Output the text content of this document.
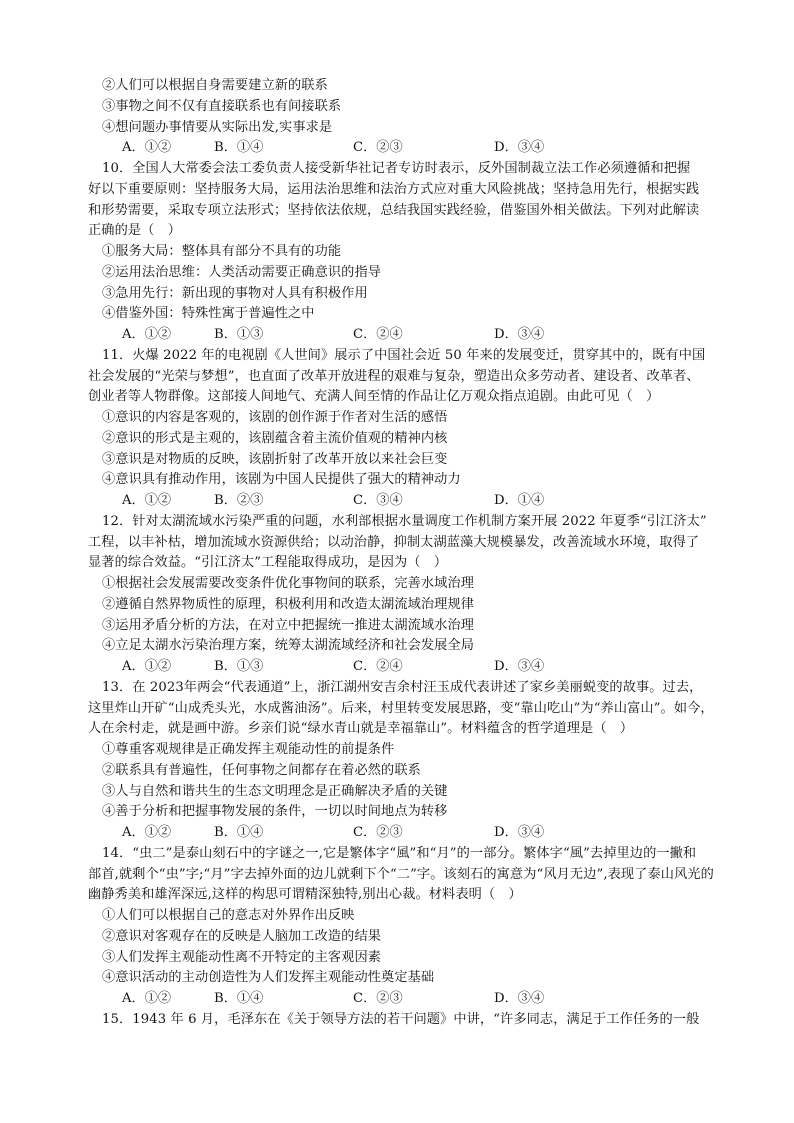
②人们可以根据自身需要建立新的联系
③事物之间不仅有直接联系也有间接联系
④想问题办事情要从实际出发,实事求是
A．①②	B．①④	C．②③	D．③④
10．全国人大常委会法工委负责人接受新华社记者专访时表示，反外国制裁立法工作必须遵循和把握
好以下重要原则：坚持服务大局，运用法治思维和法治方式应对重大风险挑战；坚持急用先行，根据实践
和形势需要，采取专项立法形式；坚持依法依规，总结我国实践经验，借鉴国外相关做法。下列对此解读
正确的是（　）
①服务大局：整体具有部分不具有的功能
②运用法治思维：人类活动需要正确意识的指导
③急用先行：新出现的事物对人具有积极作用
④借鉴外国：特殊性寓于普遍性之中
A．①②	B．①③	C．②④	D．③④
11．火爆 2022 年的电视剧《人世间》展示了中国社会近 50 年来的发展变迁，贯穿其中的，既有中国
社会发展的“光荣与梦想”，也直面了改革开放进程的艰难与复杂，塑造出众多劳动者、建设者、改革者、
创业者等人物群像。这部接人间地气、充满人间至情的作品让亿万观众指点追剧。由此可见（　）
①意识的内容是客观的，该剧的创作源于作者对生活的感悟
②意识的形式是主观的，该剧蕴含着主流价值观的精神内核
③意识是对物质的反映，该剧折射了改革开放以来社会巨变
④意识具有推动作用，该剧为中国人民提供了强大的精神动力
A．①②	B．②③	C．③④	D．①④
12．针对太湖流域水污染严重的问题，水利部根据水量调度工作机制方案开展 2022 年夏季“引江济太”
工程，以丰补枯，增加流域水资源供给；以动治静，抑制太湖蓝藻大规模暴发，改善流域水环境，取得了
显著的综合效益。“引江济太”工程能取得成功，是因为（　）
①根据社会发展需要改变条件优化事物间的联系，完善水域治理
②遵循自然界物质性的原理，积极利用和改造太湖流域治理规律
③运用矛盾分析的方法，在对立中把握统一推进太湖流域水治理
④立足太湖水污染治理方案，统筹太湖流域经济和社会发展全局
A．①②	B．①③	C．②④	D．③④
13．在 2023年两会“代表通道”上，浙江湖州安吉余村汪玉成代表讲述了家乡美丽蜕变的故事。过去，
这里炸山开矿“山成秃头光，水成酱油汤”。后来，村里转变发展思路，变“靠山吃山”为“养山富山”。如今，
人在余村走，就是画中游。乡亲们说“绿水青山就是幸福靠山”。材料蕴含的哲学道理是（　）
①尊重客观规律是正确发挥主观能动性的前提条件
②联系具有普遍性，任何事物之间都存在着必然的联系
③人与自然和谐共生的生态文明理念是正确解决矛盾的关键
④善于分析和把握事物发展的条件，一切以时间地点为转移
A．①②	B．①④	C．②③	D．③④
14．“虫二”是泰山刻石中的字谜之一,它是繁体字“風”和“月”的一部分。繁体字“風”去掉里边的一撇和
部首,就剩个“虫”字;“月”字去掉外面的边儿就剩下个“二”字。该刻石的寓意为“风月无边”,表现了泰山风光的
幽静秀美和雄浑深远,这样的构思可谓精深独特,别出心裁。材料表明（　）
①人们可以根据自己的意志对外界作出反映
②意识对客观存在的反映是人脑加工改造的结果
③人们发挥主观能动性离不开特定的主客观因素
④意识活动的主动创造性为人们发挥主观能动性奠定基础
A．①②	B．①④	C．②③	D．③④
15．1943 年 6 月，毛泽东在《关于领导方法的若干问题》中讲，“许多同志，满足于工作任务的一般
